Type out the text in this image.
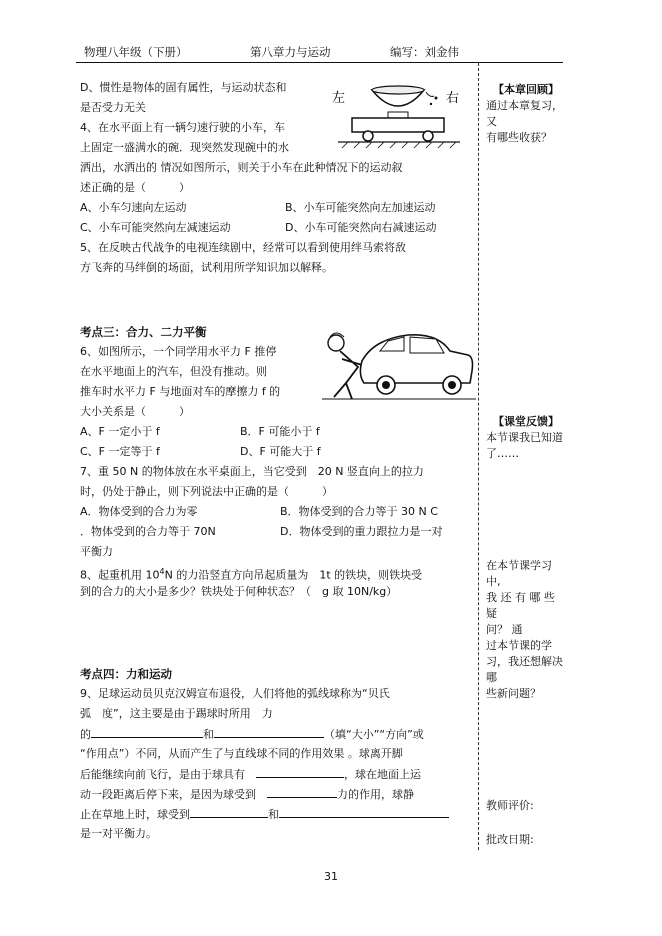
物理八年级（下册）	第八章力与运动	编写：刘金伟
左	右
D、惯性是物体的固有属性，与运动状态和
是否受力无关
4、在水平面上有一辆匀速行驶的小车，车
上固定一盛满水的碗．现突然发现碗中的水
洒出，水洒出的 情况如图所示，则关于小车在此种情况下的运动叙
述正确的是（　　　）
A、小车匀速向左运动	B、小车可能突然向左加速运动
C、小车可能突然向左减速运动	D、小车可能突然向右减速运动
5、在反映古代战争的电视连续剧中，经常可以看到使用绊马索将敌
方飞奔的马绊倒的场面，试利用所学知识加以解释。
考点三：合力、二力平衡
6、如图所示，一个同学用水平力 F 推停
在水平地面上的汽车，但没有推动。则
推车时水平力 F 与地面对车的摩擦力 f 的
大小关系是（　　　）
A、F 一定小于 f	B．F 可能小于 f
C、F 一定等于 f	D、F 可能大于 f
7、重 50 N 的物体放在水平桌面上，当它受到　20 N 竖直向上的拉力
时，仍处于静止，则下列说法中正确的是（　　　）
A．物体受到的合力为零	B．物体受到的合力等于 30 N C
．物体受到的合力等于 70N	D．物体受到的重力跟拉力是一对
平衡力
8、起重机用 $10^4N$ 的力沿竖直方向吊起质量为　1t 的铁块，则铁块受
到的合力的大小是多少？铁块处于何种状态？（　g 取 10N/kg）
考点四：力和运动
9、足球运动员贝克汉姆宣布退役，人们将他的弧线球称为“贝氏
弧　度”，这主要是由于踢球时所用　力
的	和	（填“大小”“方向”或
“作用点”）不同，从而产生了与直线球不同的作用效果 。球离开脚
后能继续向前飞行，是由于球具有　	，球在地面上运
动一段距离后停下来，是因为球受到　	力的作用，球静
止在草地上时，球受到	和
是一对平衡力。
【本章回顾】
通过本章复习，又
有哪些收获？
【课堂反馈】
本节课我已知道
了……
在本节课学习中,
我 还 有 哪 些 疑
问？ 通
过本节课的学
习，我还想解决哪
些新问题？
教师评价:
批改日期:
31
